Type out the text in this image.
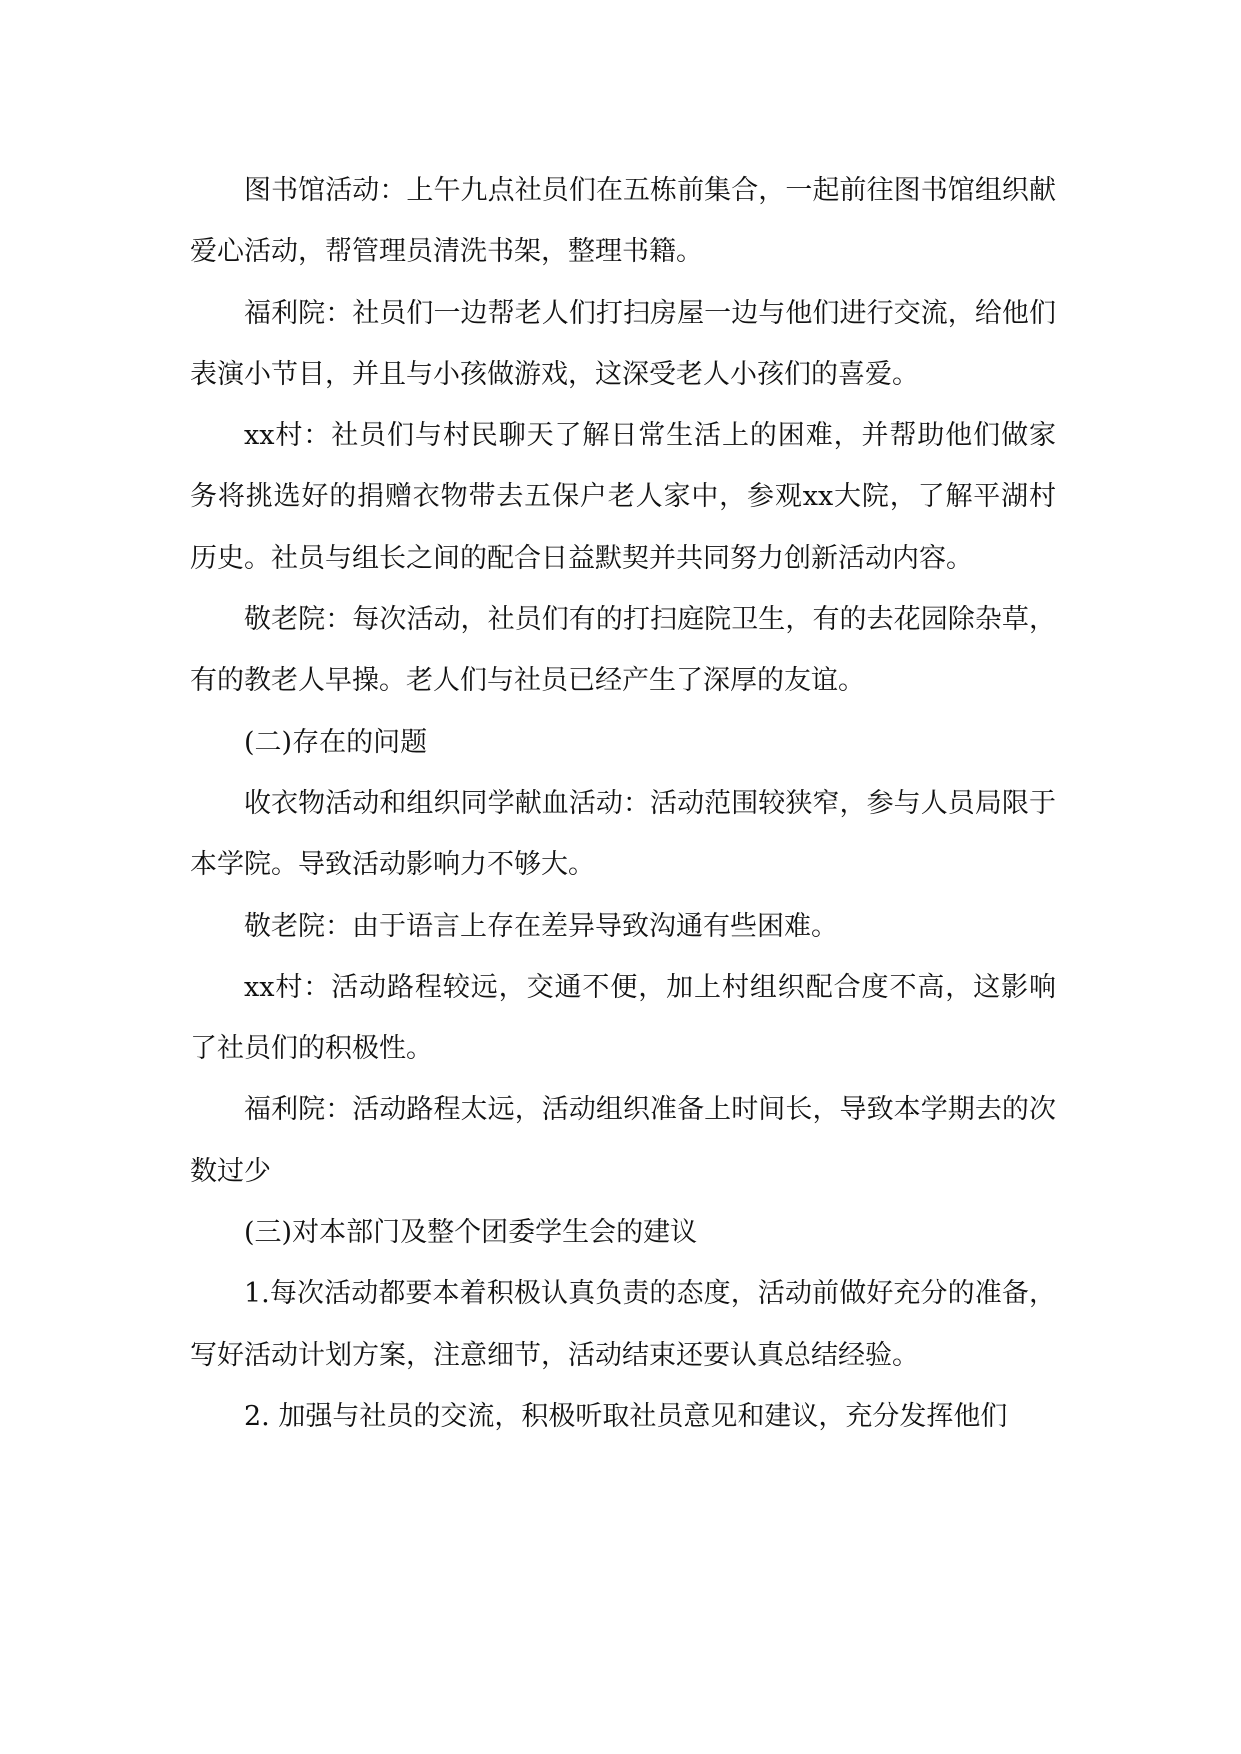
图书馆活动：上午九点社员们在五栋前集合，一起前往图书馆组织献爱心活动，帮管理员清洗书架，整理书籍。

福利院：社员们一边帮老人们打扫房屋一边与他们进行交流，给他们表演小节目，并且与小孩做游戏，这深受老人小孩们的喜爱。

xx村：社员们与村民聊天了解日常生活上的困难，并帮助他们做家务将挑选好的捐赠衣物带去五保户老人家中，参观xx大院，了解平湖村历史。社员与组长之间的配合日益默契并共同努力创新活动内容。

敬老院：每次活动，社员们有的打扫庭院卫生，有的去花园除杂草，有的教老人早操。老人们与社员已经产生了深厚的友谊。

(二)存在的问题

收衣物活动和组织同学献血活动：活动范围较狭窄，参与人员局限于本学院。导致活动影响力不够大。

敬老院：由于语言上存在差异导致沟通有些困难。

xx村：活动路程较远，交通不便，加上村组织配合度不高，这影响了社员们的积极性。

福利院：活动路程太远，活动组织准备上时间长，导致本学期去的次数过少

(三)对本部门及整个团委学生会的建议

1.每次活动都要本着积极认真负责的态度，活动前做好充分的准备，写好活动计划方案，注意细节，活动结束还要认真总结经验。

2. 加强与社员的交流，积极听取社员意见和建议，充分发挥他们
